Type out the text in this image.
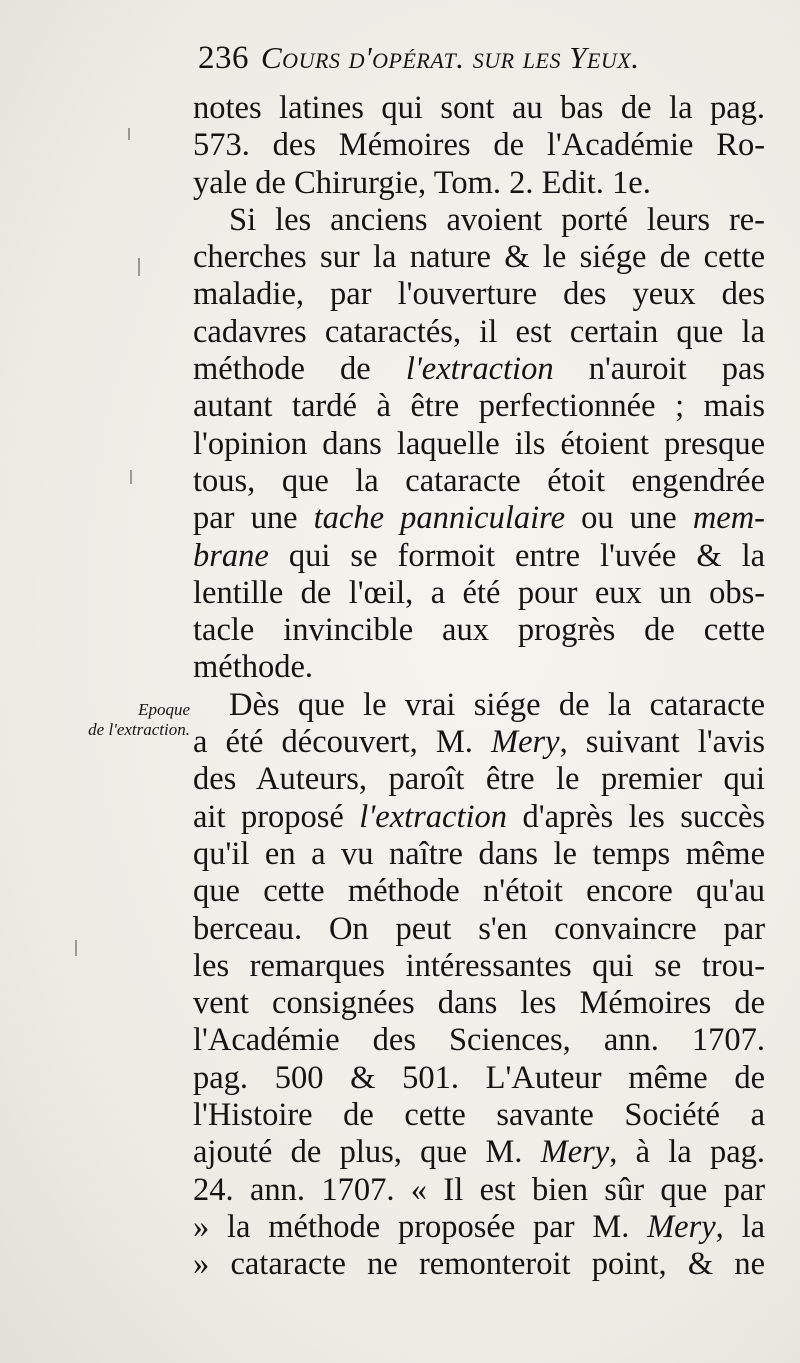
236 Cours d'opérat. sur les Yeux.
Epoque
de l'extraction.
notes latines qui sont au bas de la pag.
573. des Mémoires de l'Académie Ro-
yale de Chirurgie, Tom. 2. Edit. 1e.
Si les anciens avoient porté leurs re-
cherches sur la nature & le siége de cette
maladie, par l'ouverture des yeux des
cadavres cataractés, il est certain que la
méthode de l'extraction n'auroit pas
autant tardé à être perfectionnée ; mais
l'opinion dans laquelle ils étoient presque
tous, que la cataracte étoit engendrée
par une tache panniculaire ou une mem-
brane qui se formoit entre l'uvée & la
lentille de l'œil, a été pour eux un obs-
tacle invincible aux progrès de cette
méthode.
Dès que le vrai siége de la cataracte
a été découvert, M. Mery, suivant l'avis
des Auteurs, paroît être le premier qui
ait proposé l'extraction d'après les succès
qu'il en a vu naître dans le temps même
que cette méthode n'étoit encore qu'au
berceau. On peut s'en convaincre par
les remarques intéressantes qui se trou-
vent consignées dans les Mémoires de
l'Académie des Sciences, ann. 1707.
pag. 500 & 501. L'Auteur même de
l'Histoire de cette savante Société a
ajouté de plus, que M. Mery, à la pag.
24. ann. 1707. « Il est bien sûr que par
» la méthode proposée par M. Mery, la
» cataracte ne remonteroit point, & ne
